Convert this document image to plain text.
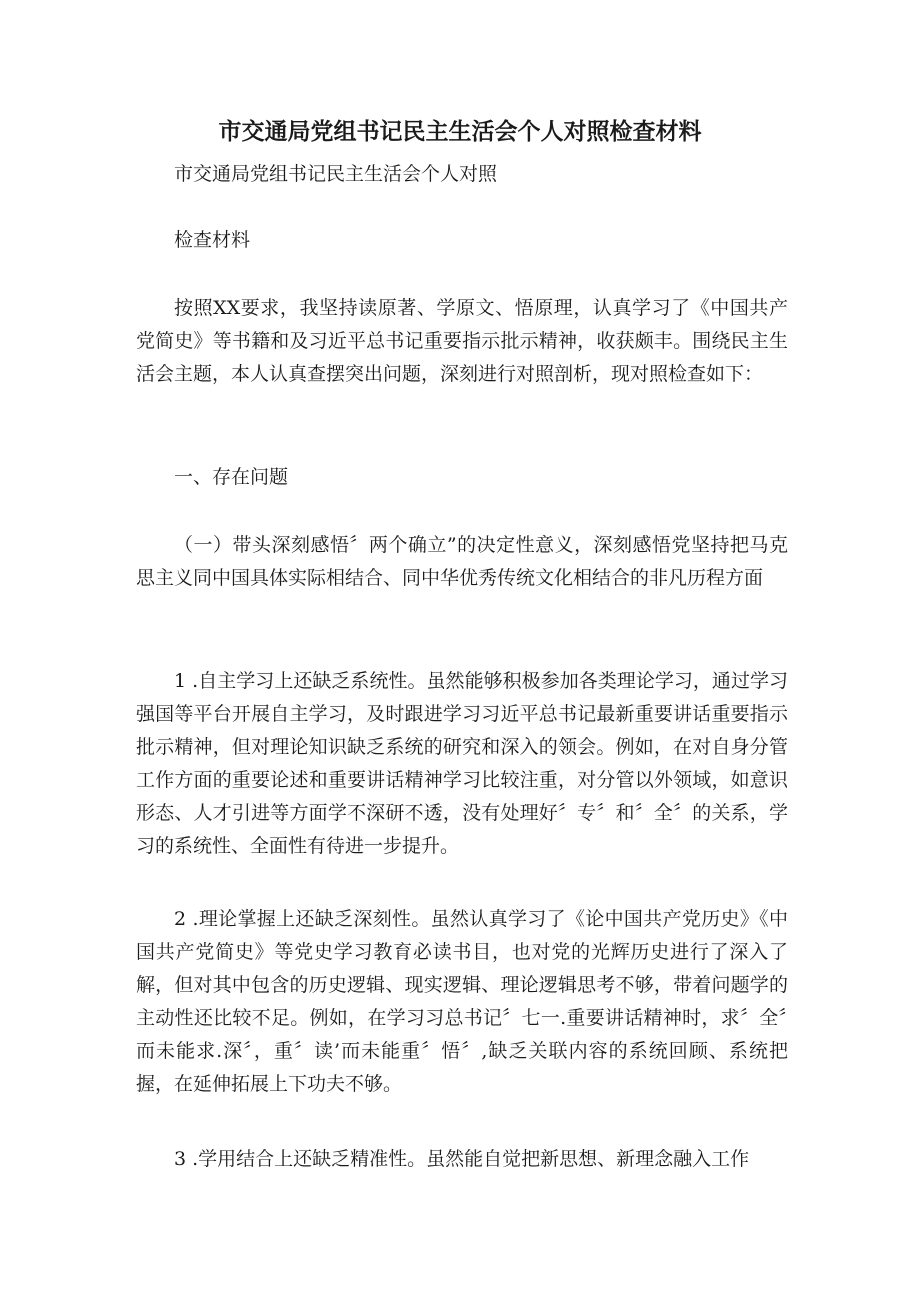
市交通局党组书记民主生活会个人对照检查材料

市交通局党组书记民主生活会个人对照

检查材料

按照XX要求，我坚持读原著、学原文、悟原理，认真学习了《中国共产党简史》等书籍和及习近平总书记重要指示批示精神，收获颇丰。围绕民主生活会主题，本人认真查摆突出问题，深刻进行对照剖析，现对照检查如下：

一、存在问题

（一）带头深刻感悟〞两个确立”的决定性意义，深刻感悟党坚持把马克思主义同中国具体实际相结合、同中华优秀传统文化相结合的非凡历程方面

1 .自主学习上还缺乏系统性。虽然能够积极参加各类理论学习，通过学习强国等平台开展自主学习，及时跟进学习习近平总书记最新重要讲话重要指示批示精神，但对理论知识缺乏系统的研究和深入的领会。例如，在对自身分管工作方面的重要论述和重要讲话精神学习比较注重，对分管以外领域，如意识形态、人才引进等方面学不深研不透，没有处理好〞专〞和〞全〞的关系，学习的系统性、全面性有待进一步提升。

2 .理论掌握上还缺乏深刻性。虽然认真学习了《论中国共产党历史》《中国共产党简史》等党史学习教育必读书目，也对党的光辉历史进行了深入了解，但对其中包含的历史逻辑、现实逻辑、理论逻辑思考不够，带着问题学的主动性还比较不足。例如，在学习习总书记〞七一.重要讲话精神时，求〞全〞而未能求.深〞，重〞读’而未能重〞悟〞,缺乏关联内容的系统回顾、系统把握，在延伸拓展上下功夫不够。

3 .学用结合上还缺乏精准性。虽然能自觉把新思想、新理念融入工作
